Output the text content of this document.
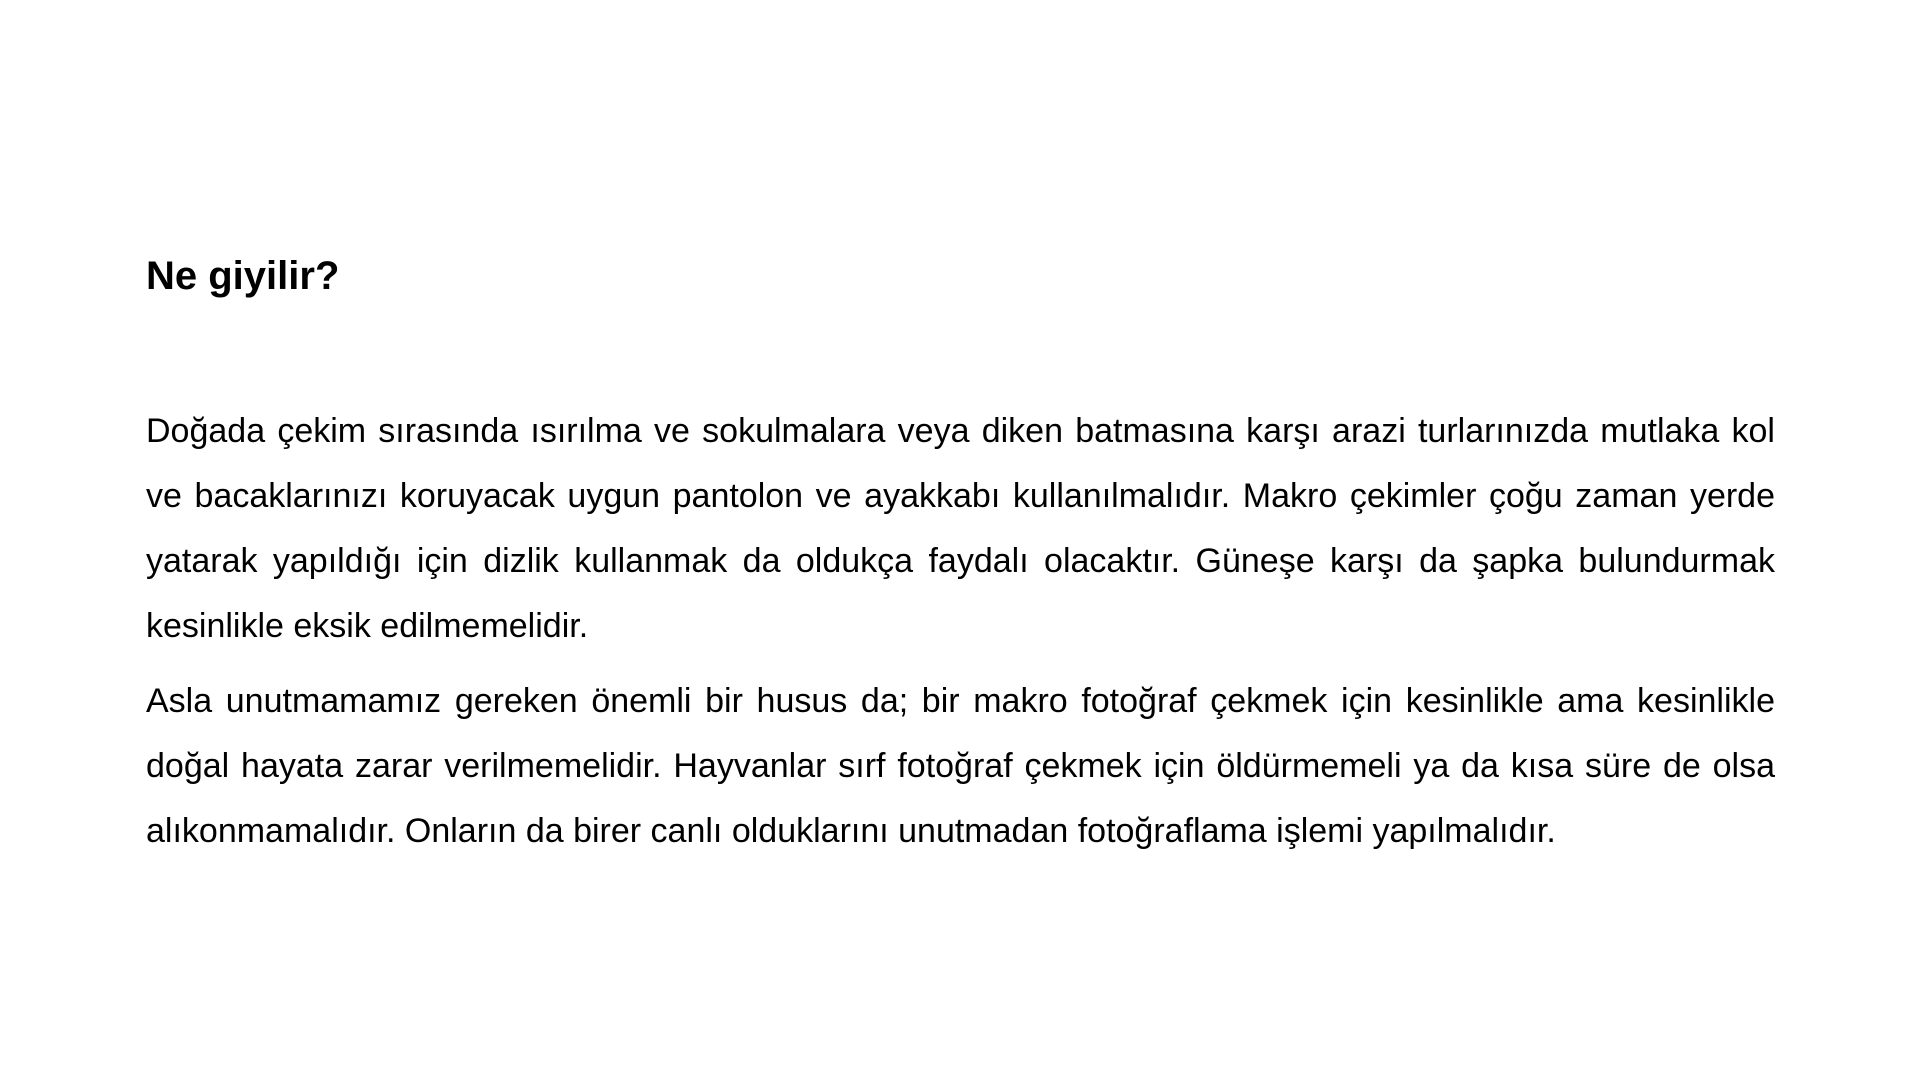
Ne giyilir?

Doğada çekim sırasında ısırılma ve sokulmalara veya diken batmasına karşı arazi turlarınızda mutlaka kol ve bacaklarınızı koruyacak uygun pantolon ve ayakkabı kullanılmalıdır. Makro çekimler çoğu zaman yerde yatarak yapıldığı için dizlik kullanmak da oldukça faydalı olacaktır. Güneşe karşı da şapka bulundurmak kesinlikle eksik edilmemelidir.

Asla unutmamamız gereken önemli bir husus da; bir makro fotoğraf çekmek için kesinlikle ama kesinlikle doğal hayata zarar verilmemelidir. Hayvanlar sırf fotoğraf çekmek için öldürmemeli ya da kısa süre de olsa alıkonmamalıdır. Onların da birer canlı olduklarını unutmadan fotoğraflama işlemi yapılmalıdır.
